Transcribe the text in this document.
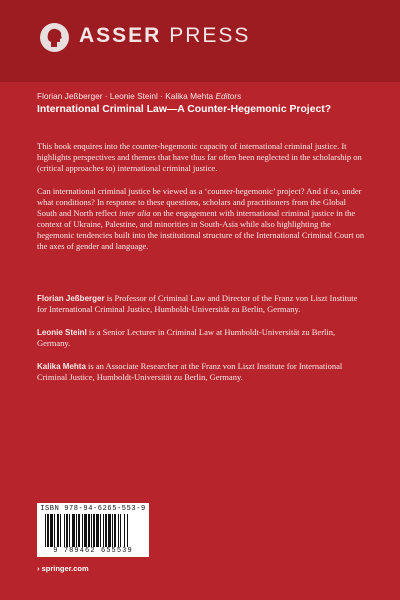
ASSER PRESS
Florian Jeßberger · Leonie Steinl · Kalika Mehta Editors
International Criminal Law—A Counter-Hegemonic Project?

This book enquires into the counter-hegemonic capacity of international criminal justice. It highlights perspectives and themes that have thus far often been neglected in the scholarship on (critical approaches to) international criminal justice.

Can international criminal justice be viewed as a ‘counter-hegemonic’ project? And if so, under what conditions? In response to these questions, scholars and practitioners from the Global South and North reflect inter alia on the engagement with international criminal justice in the context of Ukraine, Palestine, and minorities in South-Asia while also highlighting the hegemonic tendencies built into the institutional structure of the International Criminal Court on the axes of gender and language.

Florian Jeßberger is Professor of Criminal Law and Director of the Franz von Liszt Institute for International Criminal Justice, Humboldt-Universität zu Berlin, Germany.

Leonie Steinl is a Senior Lecturer in Criminal Law at Humboldt-Universität zu Berlin, Germany.

Kalika Mehta is an Associate Researcher at the Franz von Liszt Institute for International Criminal Justice, Humboldt-Universität zu Berlin, Germany.

ISBN 978-94-6265-553-9
9 789462 655539
› springer.com
